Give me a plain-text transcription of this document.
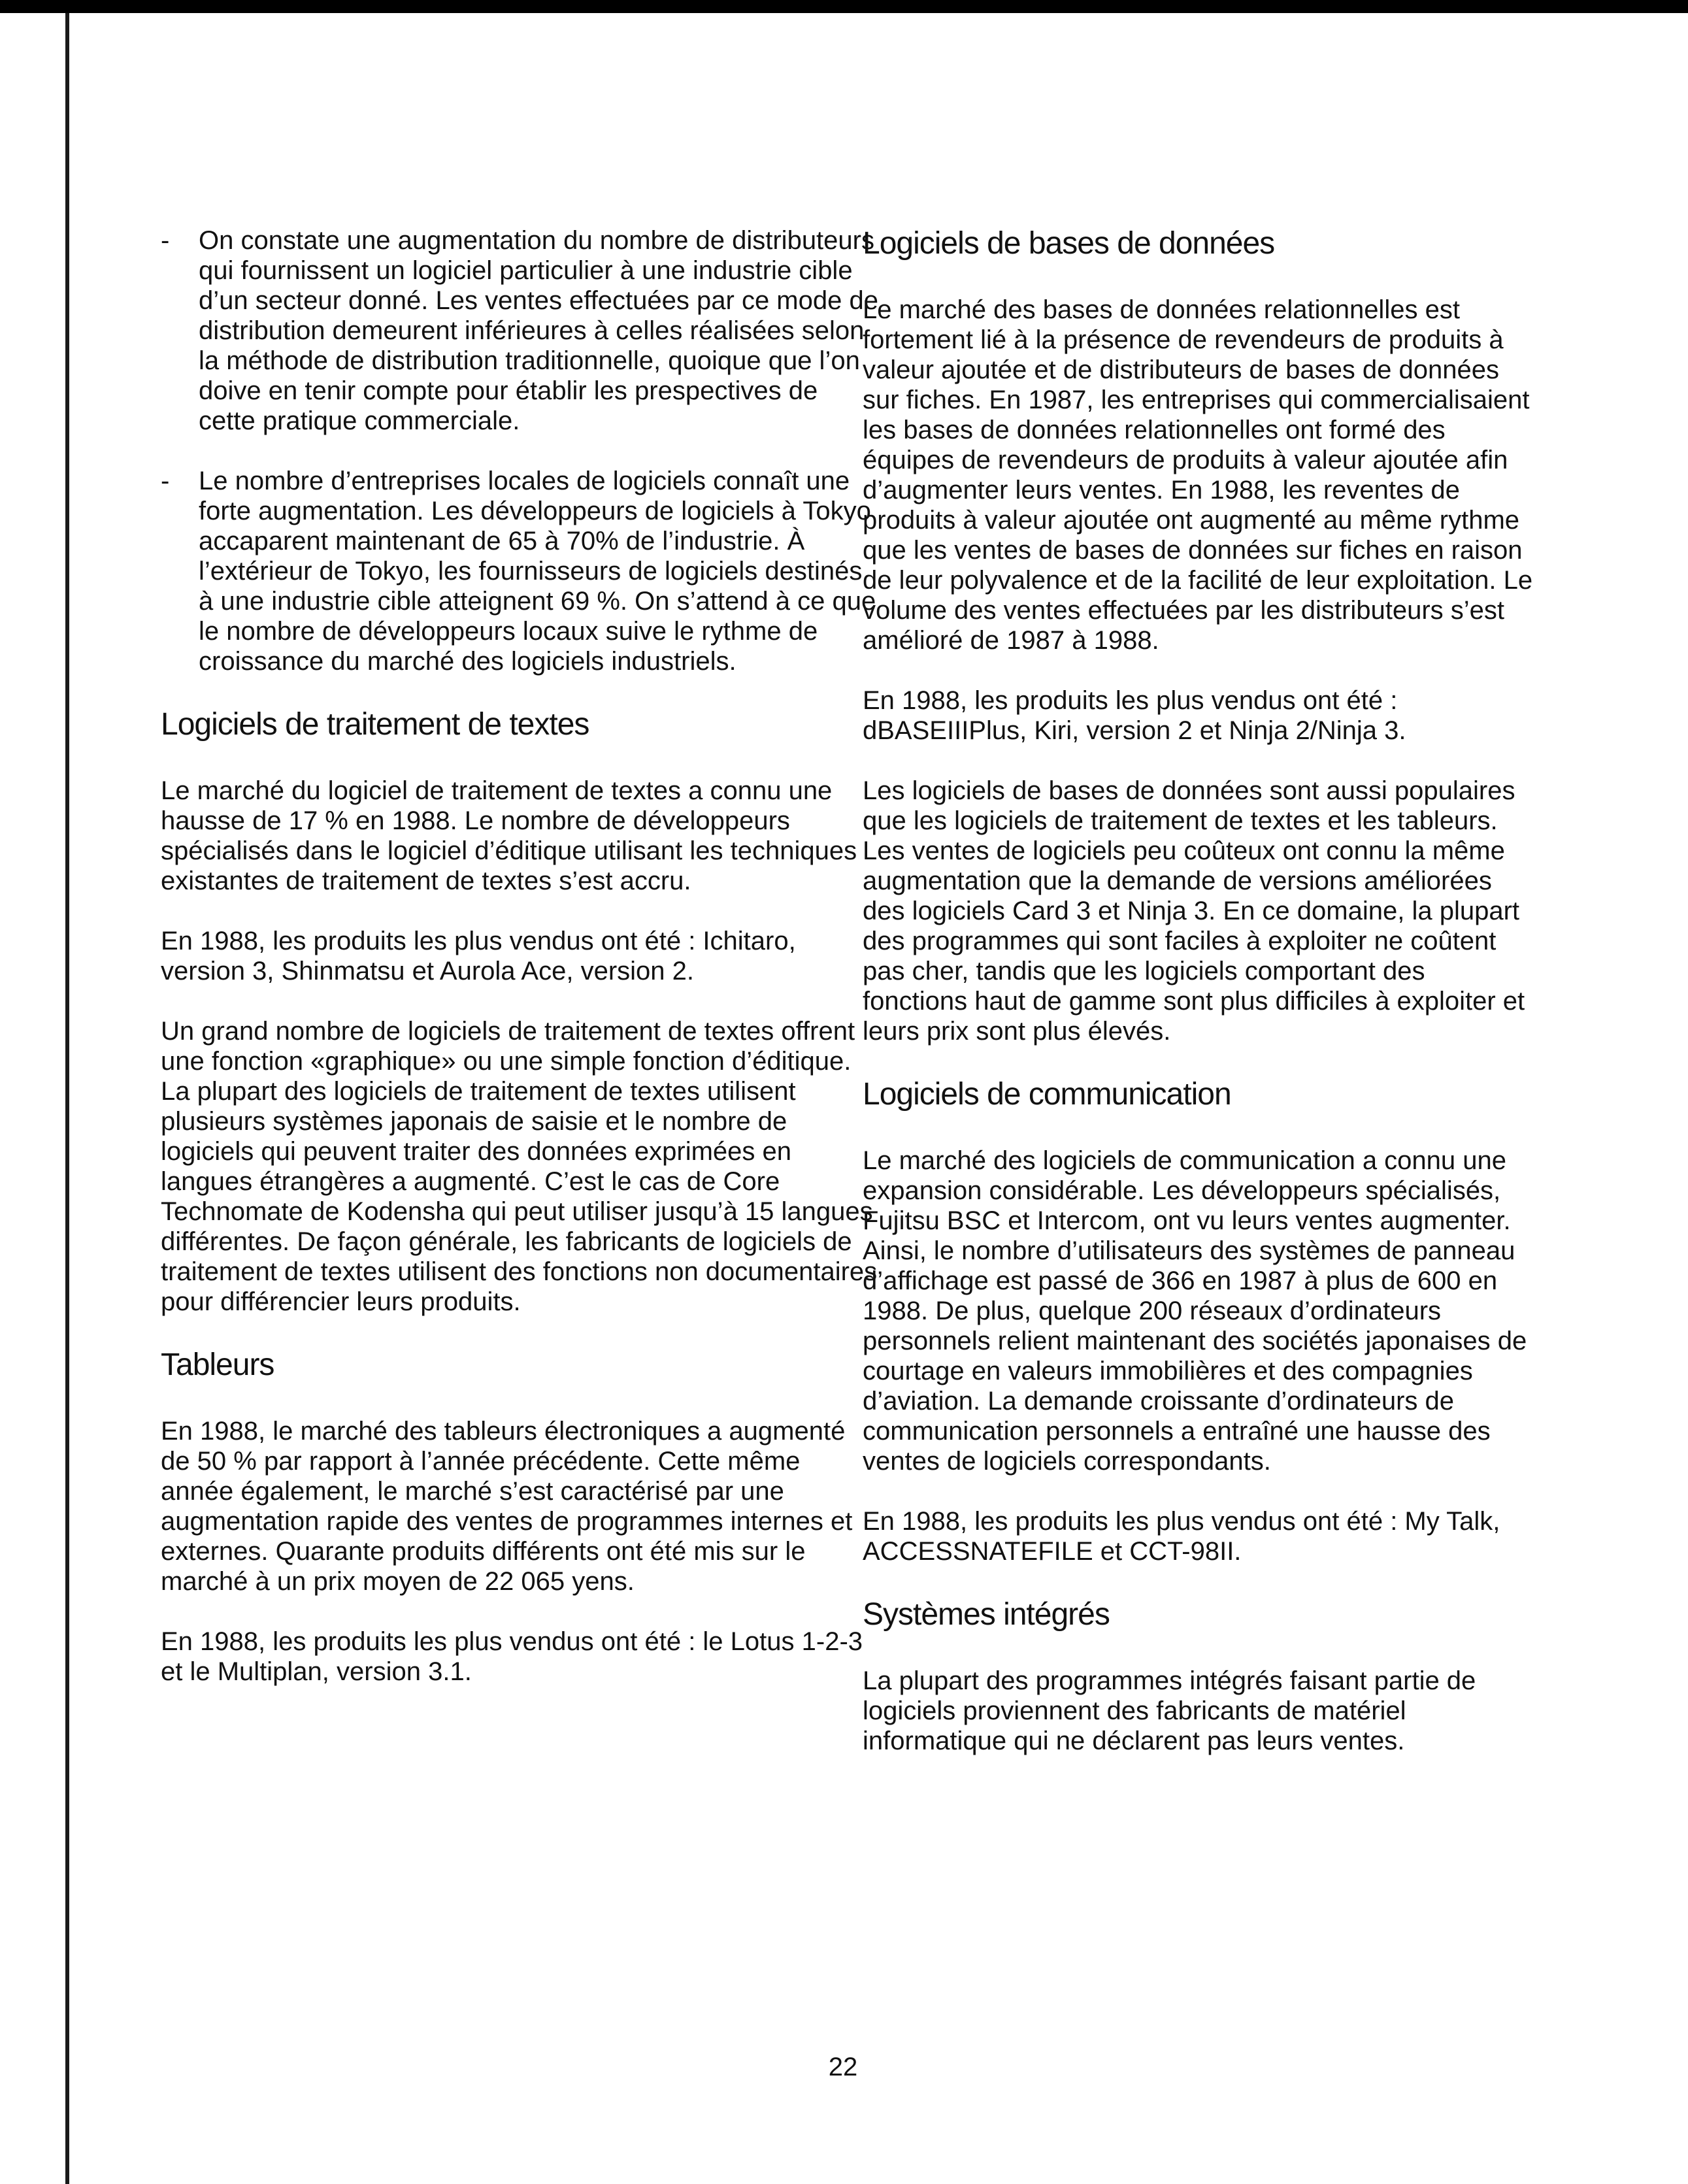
- On constate une augmentation du nombre de distributeurs qui fournissent un logiciel particulier à une industrie cible d’un secteur donné. Les ventes effectuées par ce mode de distribution demeurent inférieures à celles réalisées selon la méthode de distribution traditionnelle, quoique que l’on doive en tenir compte pour établir les prespectives de cette pratique commerciale.
- Le nombre d’entreprises locales de logiciels connaît une forte augmentation. Les développeurs de logiciels à Tokyo accaparent maintenant de 65 à 70% de l’industrie. À l’extérieur de Tokyo, les fournisseurs de logiciels destinés à une industrie cible atteignent 69 %. On s’attend à ce que le nombre de développeurs locaux suive le rythme de croissance du marché des logiciels industriels.
Logiciels de traitement de textes

Le marché du logiciel de traitement de textes a connu une hausse de 17 % en 1988. Le nombre de développeurs spécialisés dans le logiciel d’éditique utilisant les techniques existantes de traitement de textes s’est accru.

En 1988, les produits les plus vendus ont été : Ichitaro, version 3, Shinmatsu et Aurola Ace, version 2.

Un grand nombre de logiciels de traitement de textes offrent une fonction «graphique» ou une simple fonction d’éditique. La plupart des logiciels de traitement de textes utilisent plusieurs systèmes japonais de saisie et le nombre de logiciels qui peuvent traiter des données exprimées en langues étrangères a augmenté. C’est le cas de Core Technomate de Kodensha qui peut utiliser jusqu’à 15 langues différentes. De façon générale, les fabricants de logiciels de traitement de textes utilisent des fonctions non documentaires pour différencier leurs produits.

Tableurs

En 1988, le marché des tableurs électroniques a augmenté de 50 % par rapport à l’année précédente. Cette même année également, le marché s’est caractérisé par une augmentation rapide des ventes de programmes internes et externes. Quarante produits différents ont été mis sur le marché à un prix moyen de 22 065 yens.

En 1988, les produits les plus vendus ont été : le Lotus 1-2-3 et le Multiplan, version 3.1.

Logiciels de bases de données

Le marché des bases de données relationnelles est fortement lié à la présence de revendeurs de produits à valeur ajoutée et de distributeurs de bases de données sur fiches. En 1987, les entreprises qui commercialisaient les bases de données relationnelles ont formé des équipes de revendeurs de produits à valeur ajoutée afin d’augmenter leurs ventes. En 1988, les reventes de produits à valeur ajoutée ont augmenté au même rythme que les ventes de bases de données sur fiches en raison de leur polyvalence et de la facilité de leur exploitation. Le volume des ventes effectuées par les distributeurs s’est amélioré de 1987 à 1988.

En 1988, les produits les plus vendus ont été : dBASEIIIPlus, Kiri, version 2 et Ninja 2/Ninja 3.

Les logiciels de bases de données sont aussi populaires que les logiciels de traitement de textes et les tableurs. Les ventes de logiciels peu coûteux ont connu la même augmentation que la demande de versions améliorées des logiciels Card 3 et Ninja 3. En ce domaine, la plupart des programmes qui sont faciles à exploiter ne coûtent pas cher, tandis que les logiciels comportant des fonctions haut de gamme sont plus difficiles à exploiter et leurs prix sont plus élevés.

Logiciels de communication

Le marché des logiciels de communication a connu une expansion considérable. Les développeurs spécialisés, Fujitsu BSC et Intercom, ont vu leurs ventes augmenter. Ainsi, le nombre d’utilisateurs des systèmes de panneau d’affichage est passé de 366 en 1987 à plus de 600 en 1988. De plus, quelque 200 réseaux d’ordinateurs personnels relient maintenant des sociétés japonaises de courtage en valeurs immobilières et des compagnies d’aviation. La demande croissante d’ordinateurs de communication personnels a entraîné une hausse des ventes de logiciels correspondants.

En 1988, les produits les plus vendus ont été : My Talk, ACCESSNATEFILE et CCT-98II.

Systèmes intégrés

La plupart des programmes intégrés faisant partie de logiciels proviennent des fabricants de matériel informatique qui ne déclarent pas leurs ventes.

22
